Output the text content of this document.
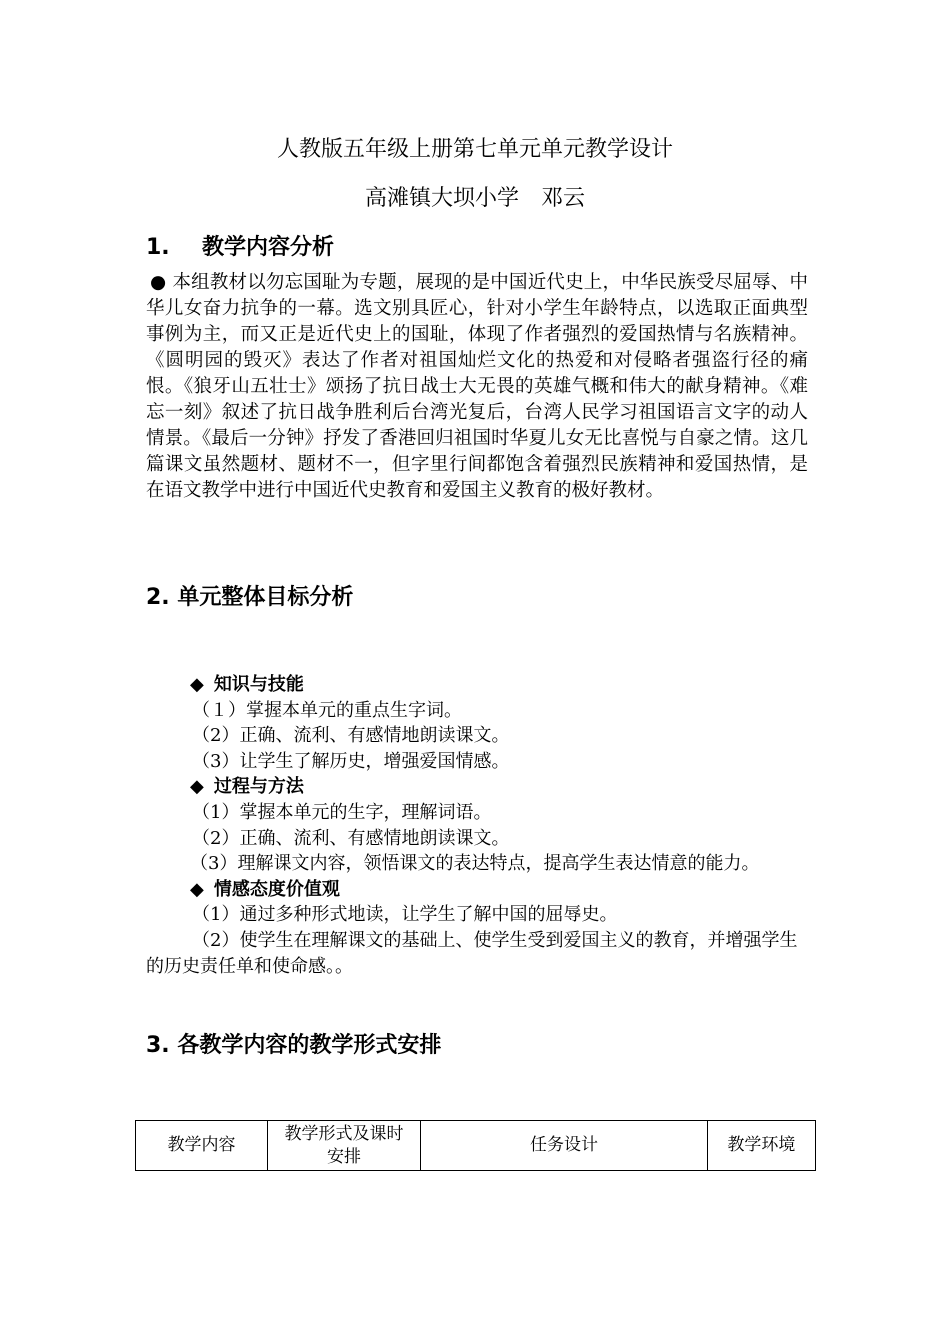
人教版五年级上册第七单元单元教学设计
高滩镇大坝小学　邓云
1. 教学内容分析
● 本组教材以勿忘国耻为专题，展现的是中国近代史上，中华民族受尽屈辱、中华儿女奋力抗争的一幕。选文别具匠心，针对小学生年龄特点，以选取正面典型事例为主，而又正是近代史上的国耻，体现了作者强烈的爱国热情与名族精神。《圆明园的毁灭》表达了作者对祖国灿烂文化的热爱和对侵略者强盗行径的痛恨。《狼牙山五壮士》颂扬了抗日战士大无畏的英雄气概和伟大的献身精神。《难忘一刻》叙述了抗日战争胜利后台湾光复后，台湾人民学习祖国语言文字的动人情景。《最后一分钟》抒发了香港回归祖国时华夏儿女无比喜悦与自豪之情。这几篇课文虽然题材、题材不一，但字里行间都饱含着强烈民族精神和爱国热情，是在语文教学中进行中国近代史教育和爱国主义教育的极好教材。
2. 单元整体目标分析
◆ 知识与技能
（１）掌握本单元的重点生字词。
（2）正确、流利、有感情地朗读课文。
（3）让学生了解历史，增强爱国情感。
◆ 过程与方法
（1）掌握本单元的生字，理解词语。
（2）正确、流利、有感情地朗读课文。
（3）理解课文内容，领悟课文的表达特点，提高学生表达情意的能力。
◆ 情感态度价值观
（1）通过多种形式地读，让学生了解中国的屈辱史。
（2）使学生在理解课文的基础上、使学生受到爱国主义的教育，并增强学生的历史责任单和使命感。。
3. 各教学内容的教学形式安排
教学内容	教学形式及课时安排	任务设计	教学环境
